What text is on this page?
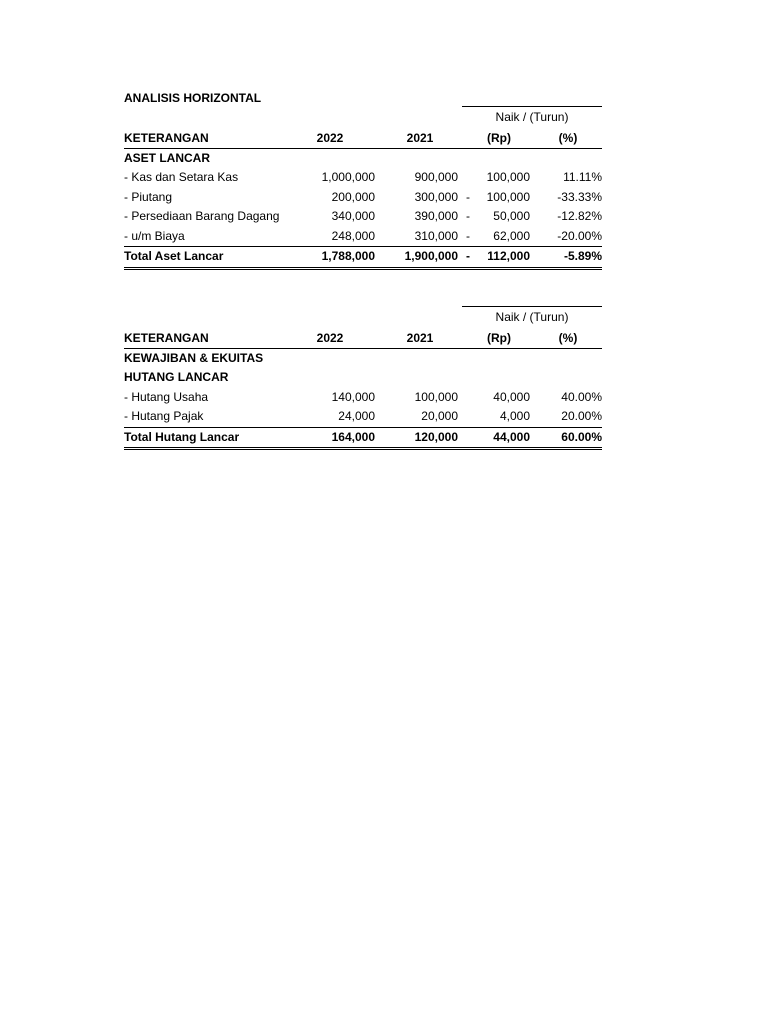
ANALISIS HORIZONTAL
Naik / (Turun)
KETERANGAN	2022	2021	(Rp)	(%)
ASET LANCAR
- Kas dan Setara Kas	1,000,000	900,000	100,000	11.11%
- Piutang	200,000	300,000 -	100,000	-33.33%
- Persediaan Barang Dagang	340,000	390,000 -	50,000	-12.82%
- u/m Biaya	248,000	310,000 -	62,000	-20.00%
Total Aset Lancar	1,788,000	1,900,000 -	112,000	-5.89%
Naik / (Turun)
KETERANGAN	2022	2021	(Rp)	(%)
KEWAJIBAN & EKUITAS
HUTANG LANCAR
- Hutang Usaha	140,000	100,000	40,000	40.00%
- Hutang Pajak	24,000	20,000	4,000	20.00%
Total Hutang Lancar	164,000	120,000	44,000	60.00%
